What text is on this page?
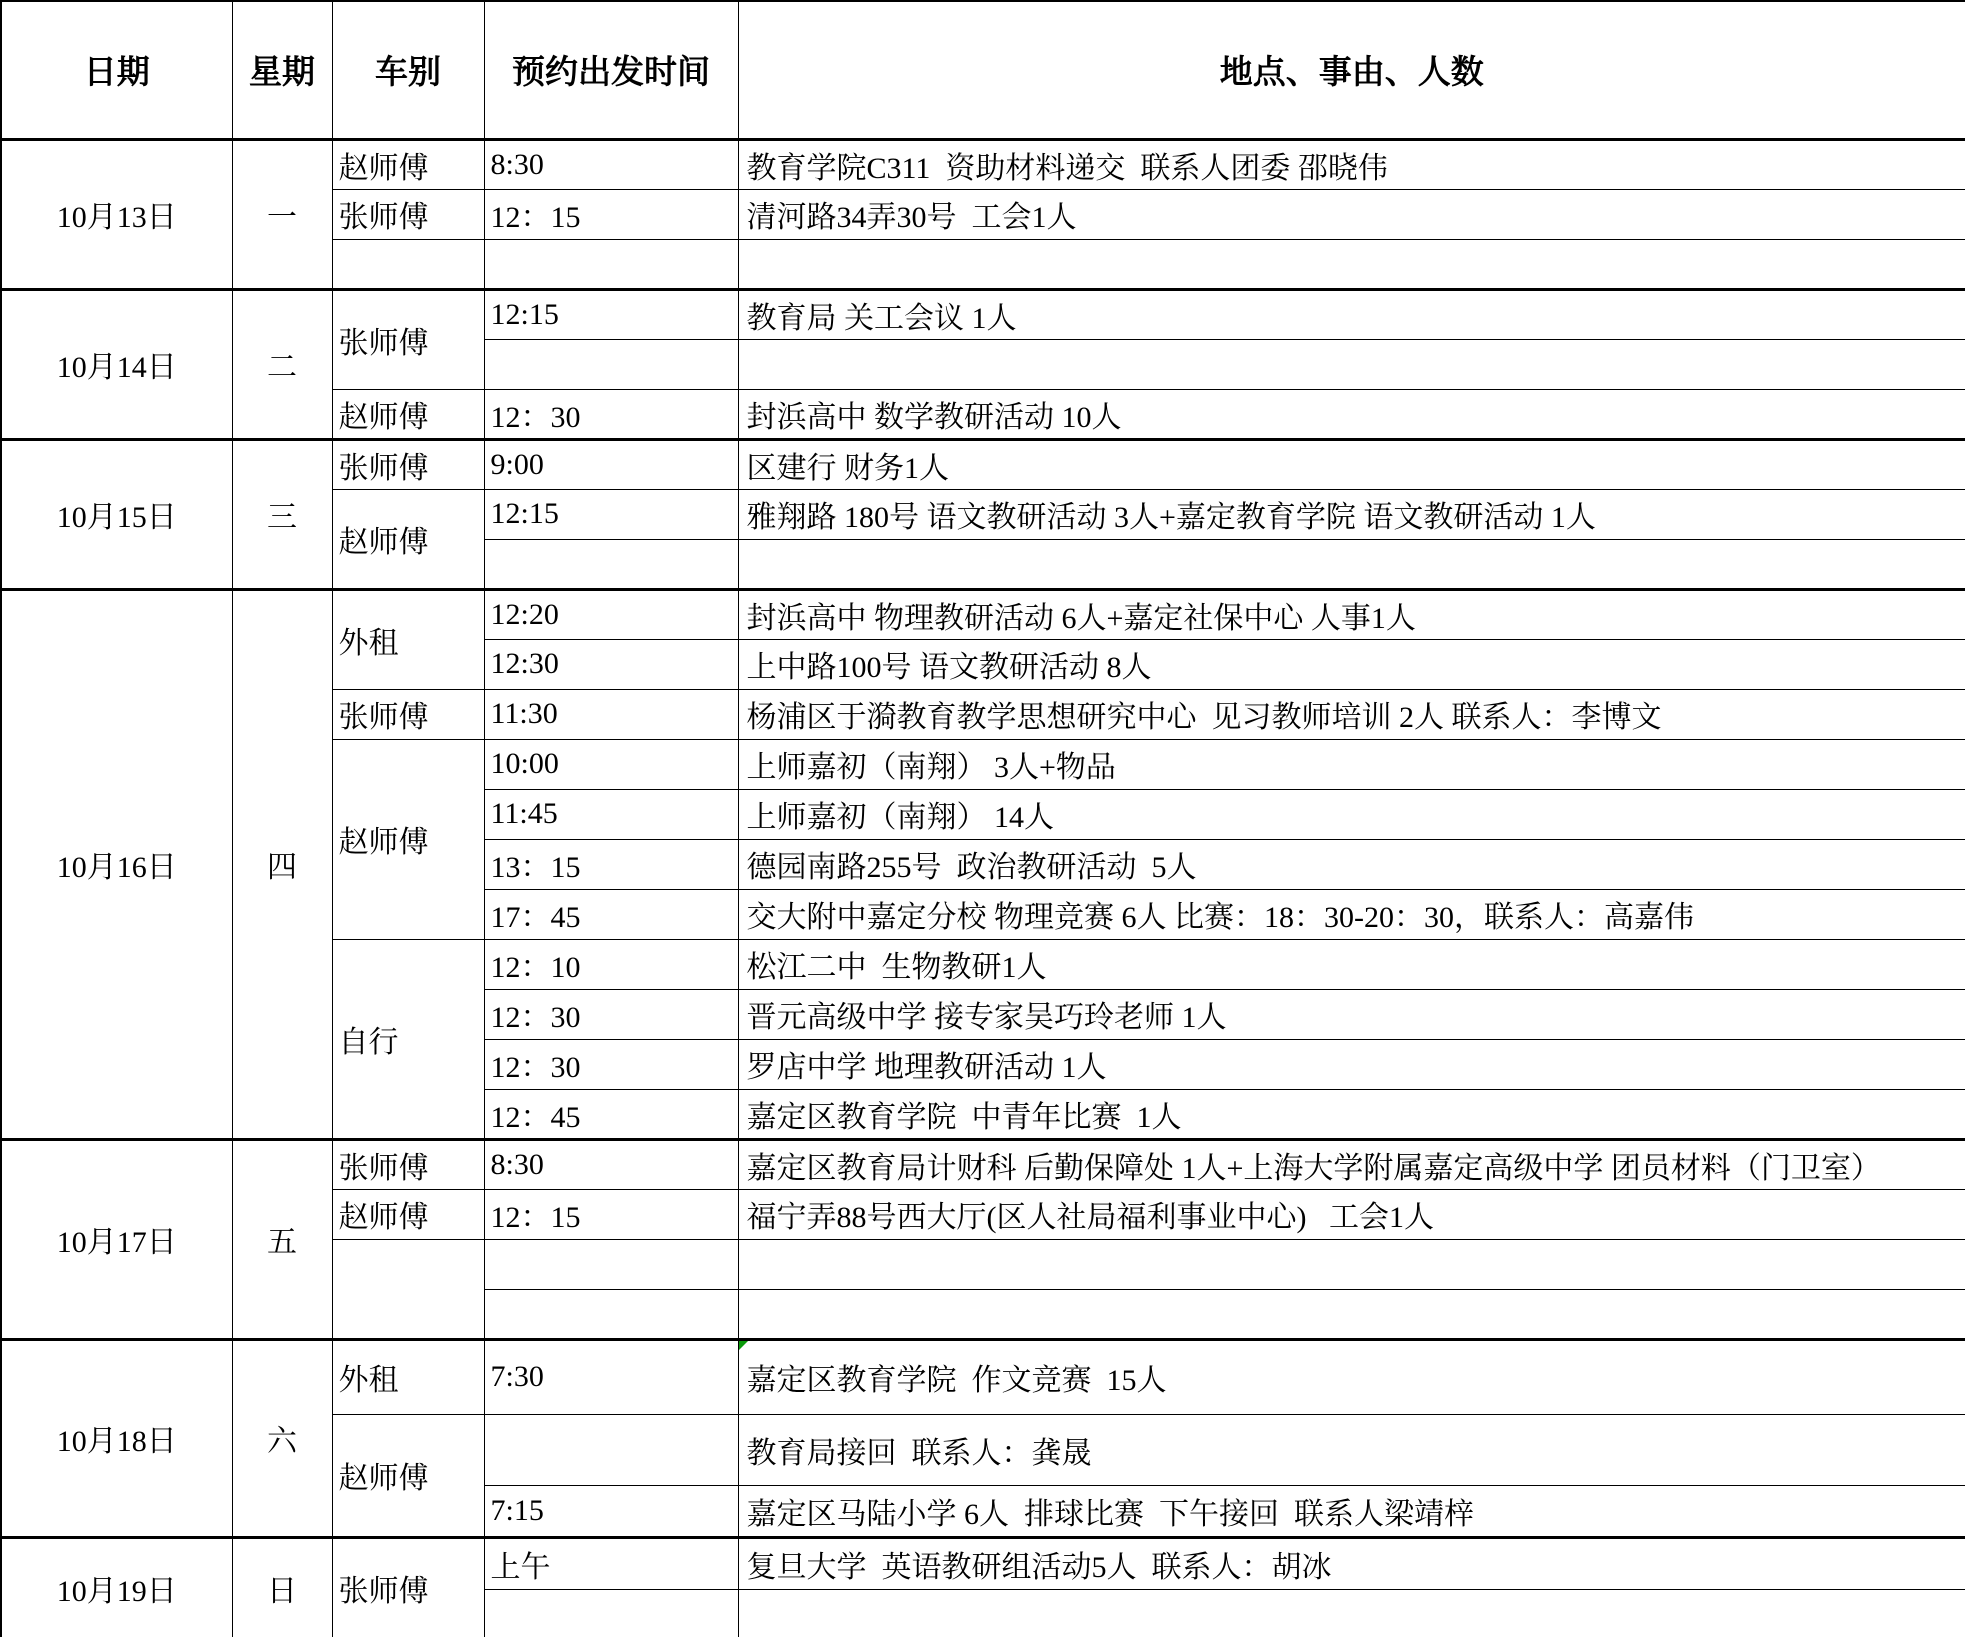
日期	星期	车别	预约出发时间	地点、事由、人数
10月13日	一	赵师傅	8:30	教育学院C311  资助材料递交  联系人团委 邵晓伟
		张师傅	12：15	清河路34弄30号  工会1人

10月14日	二	张师傅	12:15	教育局 关工会议 1人

		赵师傅	12：30	封浜高中 数学教研活动 10人
10月15日	三	张师傅	9:00	区建行 财务1人
		赵师傅	12:15	雅翔路 180号 语文教研活动 3人+嘉定教育学院 语文教研活动 1人

10月16日	四	外租	12:20	封浜高中 物理教研活动 6人+嘉定社保中心 人事1人
			12:30	上中路100号 语文教研活动 8人
		张师傅	11:30	杨浦区于漪教育教学思想研究中心  见习教师培训 2人 联系人：李博文
		赵师傅	10:00	上师嘉初（南翔） 3人+物品
			11:45	上师嘉初（南翔） 14人
			13：15	德园南路255号  政治教研活动  5人
			17：45	交大附中嘉定分校 物理竞赛 6人 比赛：18：30-20：30，联系人：高嘉伟
		自行	12：10	松江二中  生物教研1人
			12：30	晋元高级中学 接专家吴巧玲老师 1人
			12：30	罗店中学 地理教研活动 1人
			12：45	嘉定区教育学院  中青年比赛  1人
10月17日	五	张师傅	8:30	嘉定区教育局计财科 后勤保障处 1人+上海大学附属嘉定高级中学 团员材料（门卫室）
		赵师傅	12：15	福宁弄88号西大厅(区人社局福利事业中心)   工会1人

10月18日	六	外租	7:30	嘉定区教育学院  作文竞赛  15人

		赵师傅		教育局接回  联系人：龚晟
			7:15	嘉定区马陆小学 6人  排球比赛  下午接回  联系人梁靖梓
10月19日	日	张师傅	上午	复旦大学  英语教研组活动5人  联系人：胡冰
